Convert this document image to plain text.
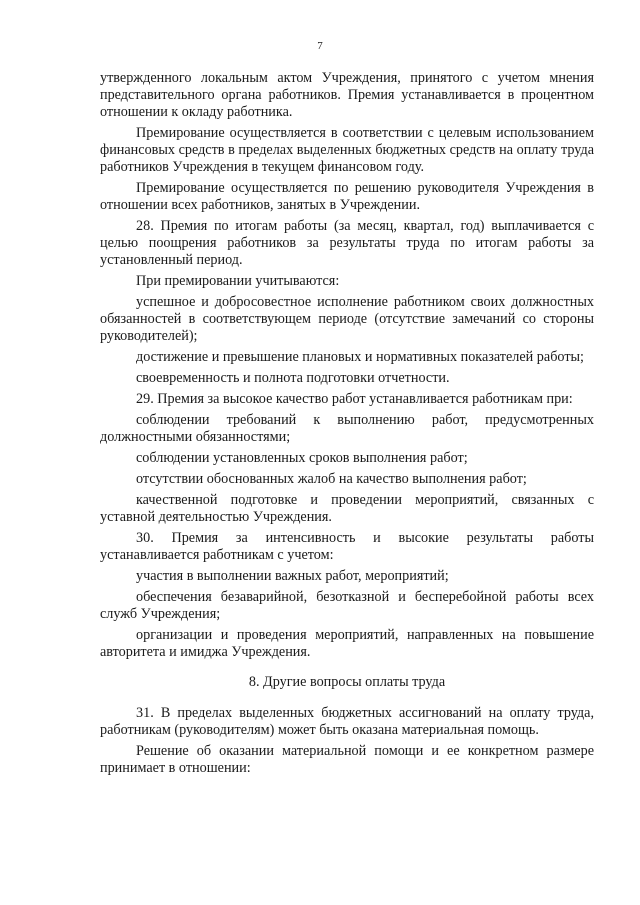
7

утвержденного локальным актом Учреждения, принятого с учетом мнения представительного органа работников. Премия устанавливается в процентном отношении к окладу работника.

Премирование осуществляется в соответствии с целевым использованием финансовых средств в пределах выделенных бюджетных средств на оплату труда работников Учреждения в текущем финансовом году.

Премирование осуществляется по решению руководителя Учреждения в отношении всех работников, занятых в Учреждении.

28. Премия по итогам работы (за месяц, квартал, год) выплачивается с целью поощрения работников за результаты труда по итогам работы за установленный период.

При премировании учитываются:

успешное и добросовестное исполнение работником своих должностных обязанностей в соответствующем периоде (отсутствие замечаний со стороны руководителей);

достижение и превышение плановых и нормативных показателей работы;

своевременность и полнота подготовки отчетности.

29. Премия за высокое качество работ устанавливается работникам при:

соблюдении требований к выполнению работ, предусмотренных должностными обязанностями;

соблюдении установленных сроков выполнения работ;

отсутствии обоснованных жалоб на качество выполнения работ;

качественной подготовке и проведении мероприятий, связанных с уставной деятельностью Учреждения.

30. Премия за интенсивность и высокие результаты работы устанавливается работникам с учетом:

участия в выполнении важных работ, мероприятий;

обеспечения безаварийной, безотказной и бесперебойной работы всех служб Учреждения;

организации и проведения мероприятий, направленных на повышение авторитета и имиджа Учреждения.

8. Другие вопросы оплаты труда

31. В пределах выделенных бюджетных ассигнований на оплату труда, работникам (руководителям) может быть оказана материальная помощь.

Решение об оказании материальной помощи и ее конкретном размере принимает в отношении:
